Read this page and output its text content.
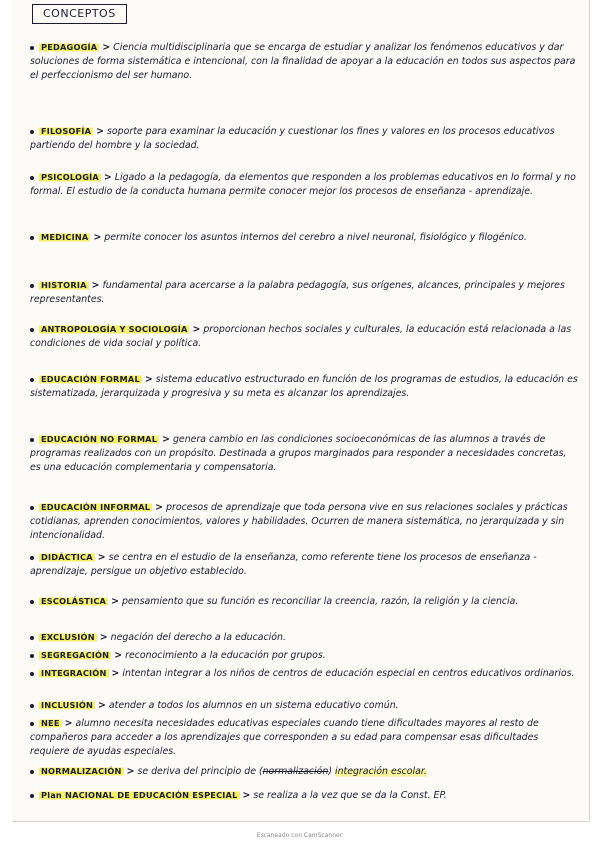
CONCEPTOS
PEDAGOGÍA > Ciencia multidisciplinaria que se encarga de estudiar y analizar los fenómenos educativos y dar soluciones de forma sistemática e intencional, con la finalidad de apoyar a la educación en todos sus aspectos para el perfeccionismo del ser humano.
FILOSOFÍA > soporte para examinar la educación y cuestionar los fines y valores en los procesos educativos partiendo del hombre y la sociedad.
PSICOLOGÍA > Ligado a la pedagogía, da elementos que responden a los problemas educativos en lo formal y no formal. El estudio de la conducta humana permite conocer mejor los procesos de enseñanza - aprendizaje.
MEDICINA > permite conocer los asuntos internos del cerebro a nivel neuronal, fisiológico y filogénico.
HISTORIA > fundamental para acercarse a la palabra pedagogía, sus orígenes, alcances, principales y mejores representantes.
ANTROPOLOGÍA Y SOCIOLOGÍA > proporcionan hechos sociales y culturales, la educación está relacionada a las condiciones de vida social y política.
EDUCACIÓN FORMAL > sistema educativo estructurado en función de los programas de estudios, la educación es sistematizada, jerarquizada y progresiva y su meta es alcanzar los aprendizajes.
EDUCACIÓN NO FORMAL > genera cambio en las condiciones socioeconómicas de las alumnos a través de programas realizados con un propósito. Destinada a grupos marginados para responder a necesidades concretas, es una educación complementaria y compensatoria.
EDUCACIÓN INFORMAL > procesos de aprendizaje que toda persona vive en sus relaciones sociales y prácticas cotidianas, aprenden conocimientos, valores y habilidades. Ocurren de manera sistemática, no jerarquizada y sin intencionalidad.
DIDÁCTICA > se centra en el estudio de la enseñanza, como referente tiene los procesos de enseñanza - aprendizaje, persigue un objetivo establecido.
ESCOLÁSTICA > pensamiento que su función es reconciliar la creencia, razón, la religión y la ciencia.
EXCLUSIÓN > negación del derecho a la educación.
SEGREGACIÓN > reconocimiento a la educación por grupos.
INTEGRACIÓN > intentan integrar a los niños de centros de educación especial en centros educativos ordinarios.
INCLUSIÓN > atender a todos los alumnos en un sistema educativo común.
NEE > alumno necesita necesidades educativas especiales cuando tiene dificultades mayores al resto de compañeros para acceder a los aprendizajes que corresponden a su edad para compensar esas dificultades requiere de ayudas especiales.
NORMALIZACIÓN > se deriva del principio de (normalización) integración escolar.
Plan NACIONAL DE EDUCACIÓN ESPECIAL > se realiza a la vez que se da la Const. EP.
Escaneado con CamScanner
